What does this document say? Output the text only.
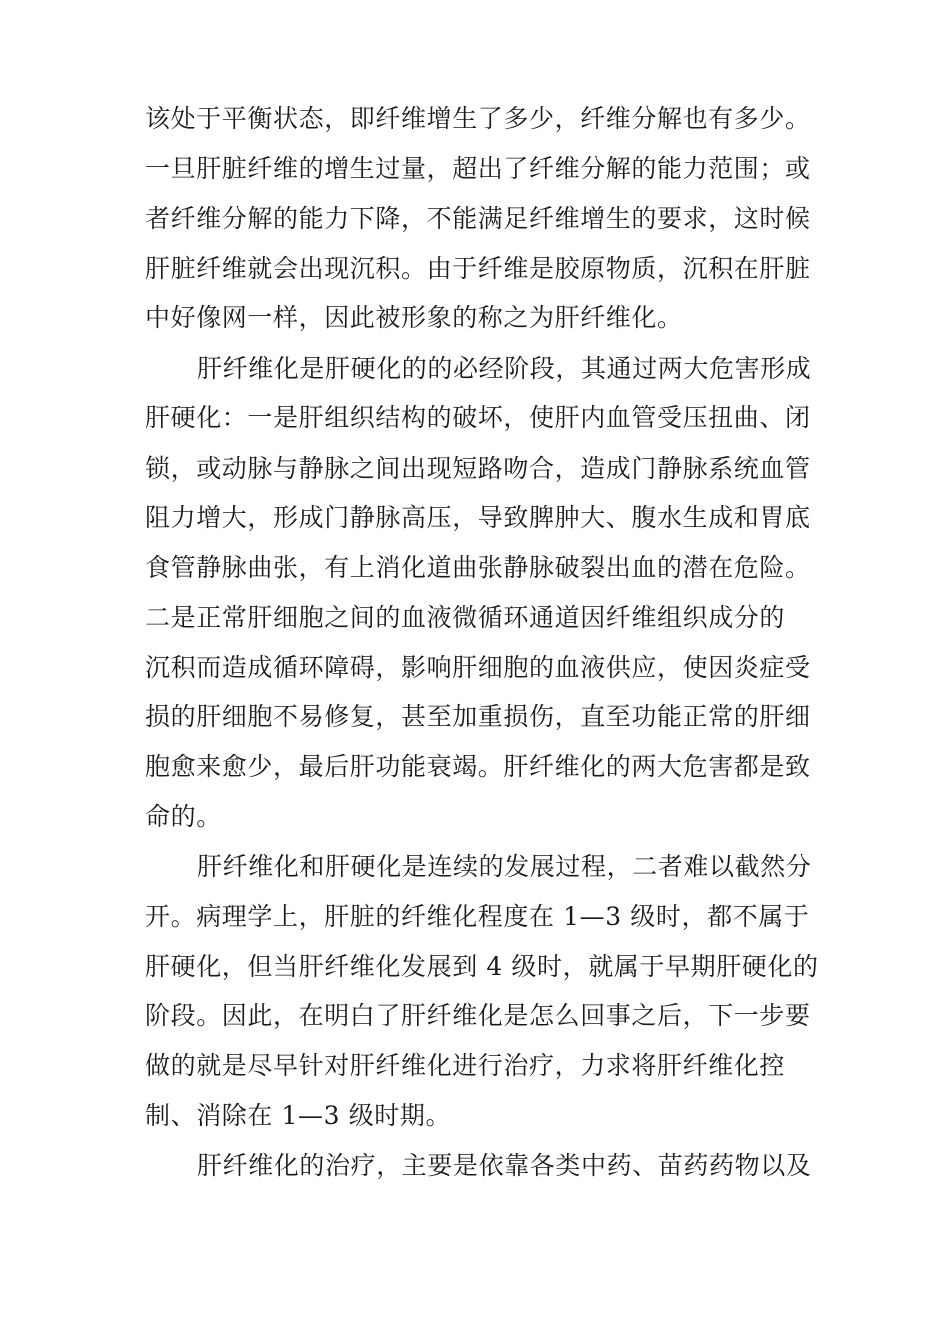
该处于平衡状态，即纤维增生了多少，纤维分解也有多少。
一旦肝脏纤维的增生过量，超出了纤维分解的能力范围；或
者纤维分解的能力下降，不能满足纤维增生的要求，这时候
肝脏纤维就会出现沉积。由于纤维是胶原物质，沉积在肝脏
中好像网一样，因此被形象的称之为肝纤维化。
肝纤维化是肝硬化的的必经阶段，其通过两大危害形成
肝硬化：一是肝组织结构的破坏，使肝内血管受压扭曲、闭
锁，或动脉与静脉之间出现短路吻合，造成门静脉系统血管
阻力增大，形成门静脉高压，导致脾肿大、腹水生成和胃底
食管静脉曲张，有上消化道曲张静脉破裂出血的潜在危险。
二是正常肝细胞之间的血液微循环通道因纤维组织成分的
沉积而造成循环障碍，影响肝细胞的血液供应，使因炎症受
损的肝细胞不易修复，甚至加重损伤，直至功能正常的肝细
胞愈来愈少，最后肝功能衰竭。肝纤维化的两大危害都是致
命的。
肝纤维化和肝硬化是连续的发展过程，二者难以截然分
开。病理学上，肝脏的纤维化程度在 1—3 级时，都不属于
肝硬化，但当肝纤维化发展到 4 级时，就属于早期肝硬化的
阶段。因此，在明白了肝纤维化是怎么回事之后，下一步要
做的就是尽早针对肝纤维化进行治疗，力求将肝纤维化控
制、消除在 1—3 级时期。
肝纤维化的治疗，主要是依靠各类中药、苗药药物以及
